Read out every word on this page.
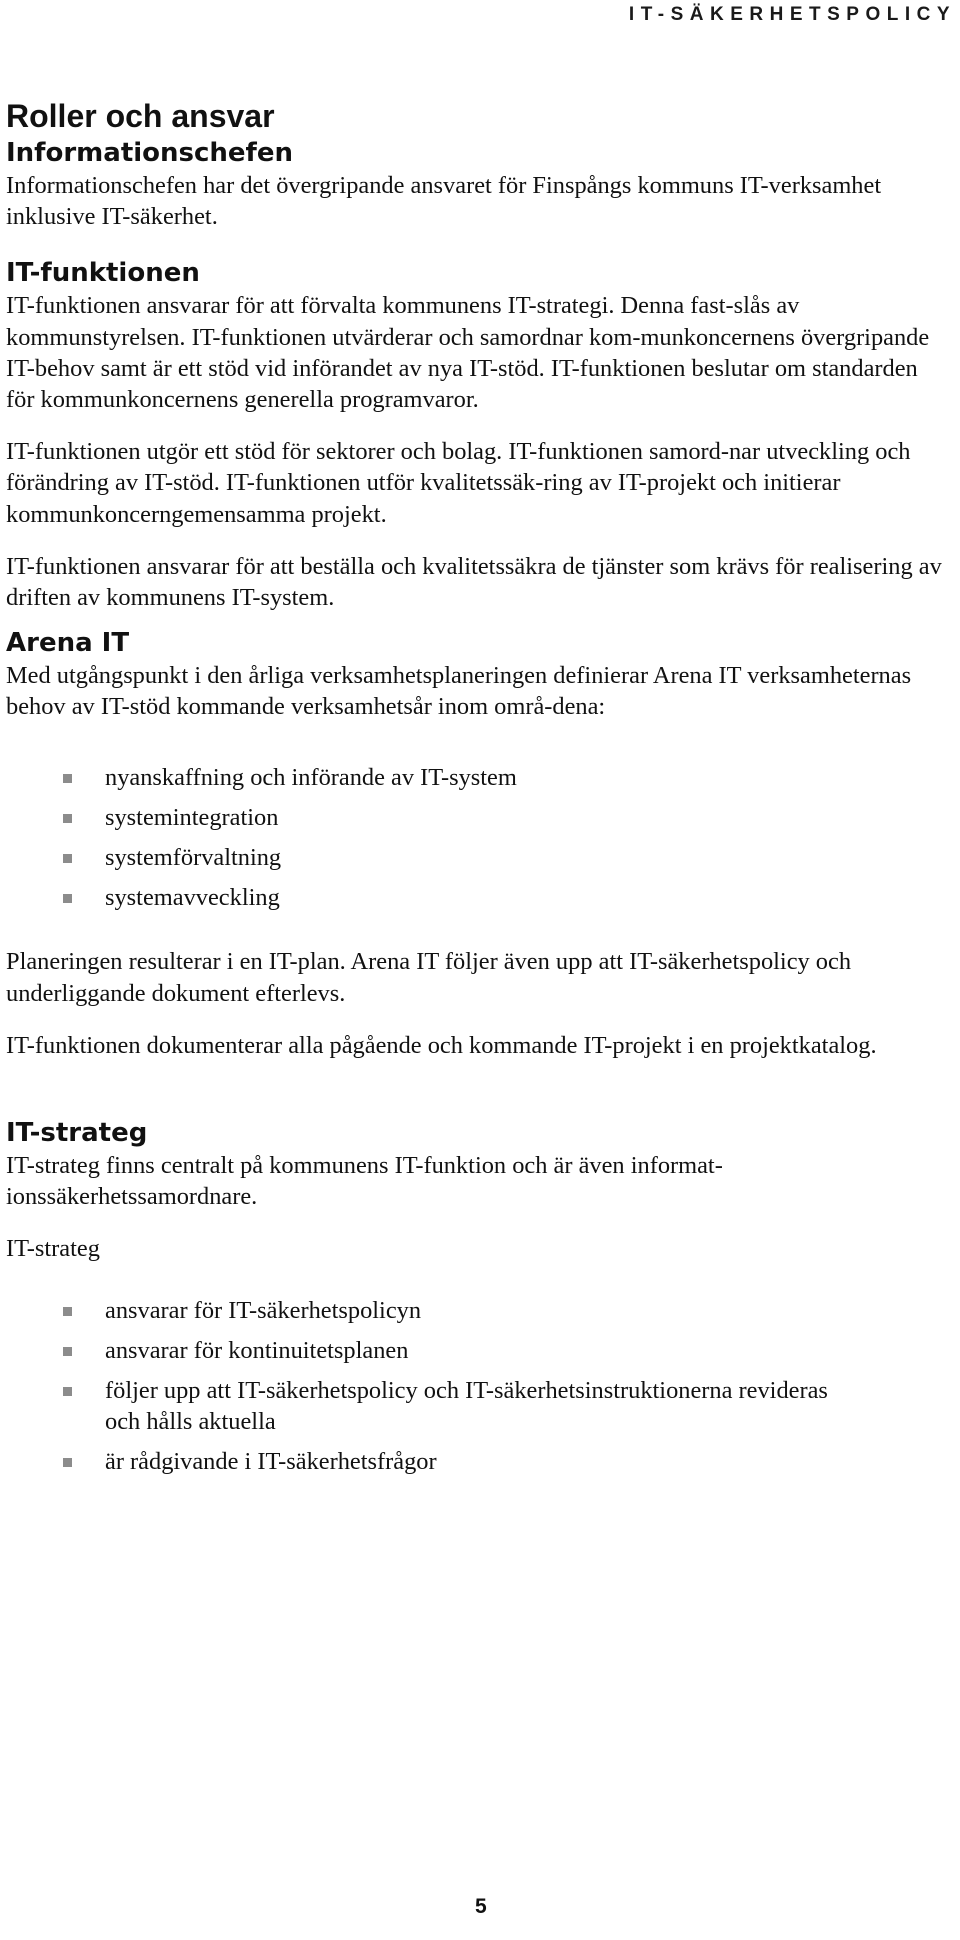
IT-SÄKERHETSPOLICY
Roller och ansvar
Informationschefen

Informationschefen har det övergripande ansvaret för Finspångs kommuns IT-verksamhet inklusive IT-säkerhet.

IT-funktionen

IT-funktionen ansvarar för att förvalta kommunens IT-strategi. Denna fast-slås av kommunstyrelsen. IT-funktionen utvärderar och samordnar kom-munkoncernens övergripande IT-behov samt är ett stöd vid införandet av nya IT-stöd. IT-funktionen beslutar om standarden för kommunkoncernens generella programvaror.

IT-funktionen utgör ett stöd för sektorer och bolag. IT-funktionen samord-nar utveckling och förändring av IT-stöd. IT-funktionen utför kvalitetssäk-ring av IT-projekt och initierar kommunkoncerngemensamma projekt.

IT-funktionen ansvarar för att beställa och kvalitetssäkra de tjänster som krävs för realisering av driften av kommunens IT-system.

Arena IT

Med utgångspunkt i den årliga verksamhetsplaneringen definierar Arena IT verksamheternas behov av IT-stöd kommande verksamhetsår inom områ-dena:

nyanskaffning och införande av IT-system
systemintegration
systemförvaltning
systemavveckling

Planeringen resulterar i en IT-plan. Arena IT följer även upp att IT-säkerhetspolicy och underliggande dokument efterlevs.

IT-funktionen dokumenterar alla pågående och kommande IT-projekt i en projektkatalog.

IT-strateg

IT-strateg finns centralt på kommunens IT-funktion och är även informat-ionssäkerhetssamordnare.

IT-strateg

ansvarar för IT-säkerhetspolicyn
ansvarar för kontinuitetsplanen
följer upp att IT-säkerhetspolicy och IT-säkerhetsinstruktionerna revideras och hålls aktuella
är rådgivande i IT-säkerhetsfrågor
5
